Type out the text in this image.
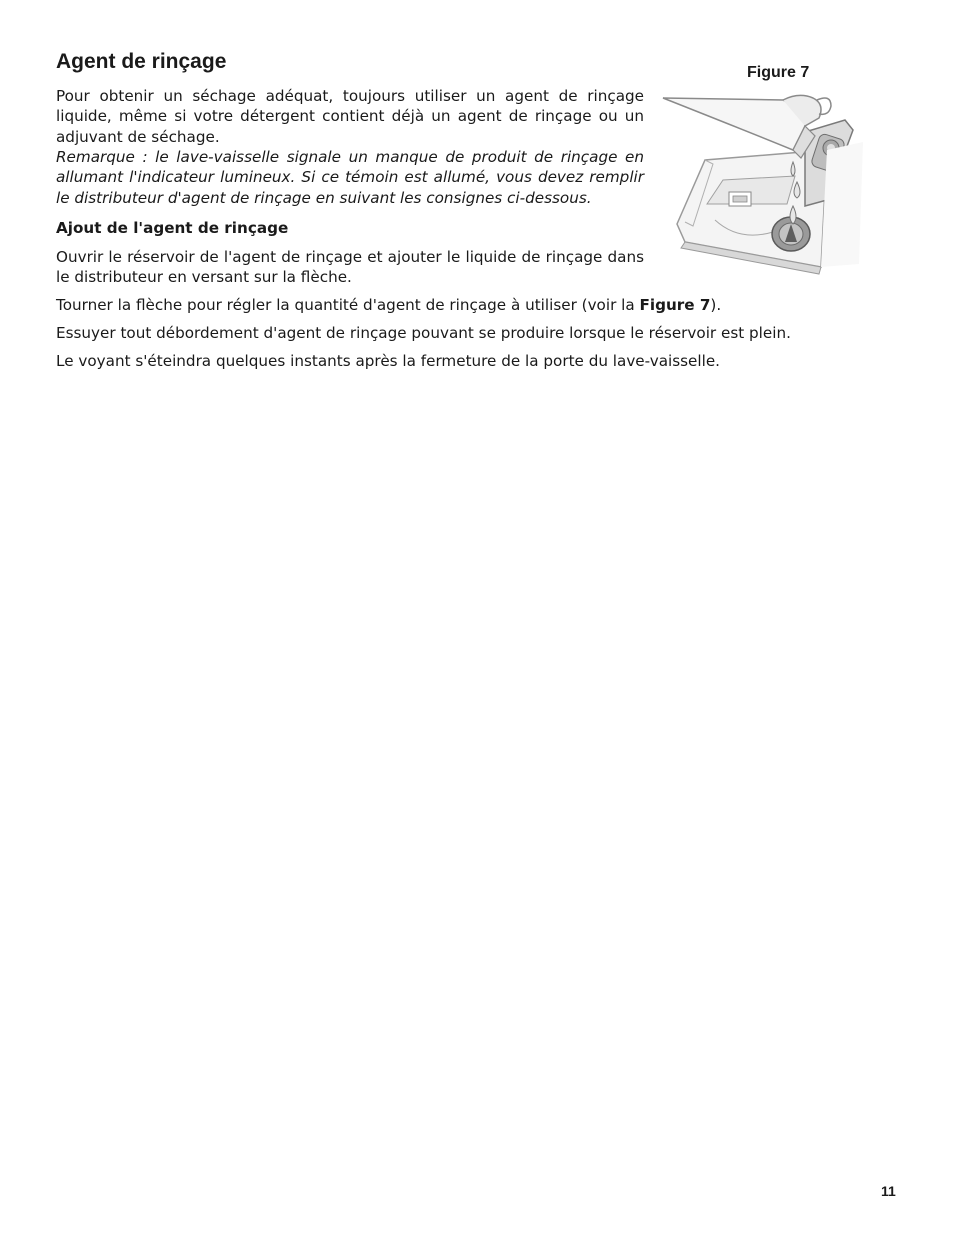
Agent de rinçage	Figure 7

Pour obtenir un séchage adéquat, toujours utiliser un agent de rinçage liquide, même si votre détergent contient déjà un agent de rinçage ou un adjuvant de séchage.

Remarque : le lave-vaisselle signale un manque de produit de rinçage en allumant l'indicateur lumineux. Si ce témoin est allumé, vous devez remplir le distributeur d'agent de rinçage en suivant les consignes ci-dessous.

Ajout de l'agent de rinçage

Ouvrir le réservoir de l'agent de rinçage et ajouter le liquide de rinçage dans le distributeur en versant sur la flèche.

Tourner la flèche pour régler la quantité d'agent de rinçage à utiliser (voir la Figure 7).

Essuyer tout débordement d'agent de rinçage pouvant se produire lorsque le réservoir est plein.

Le voyant s'éteindra quelques instants après la fermeture de la porte du lave-vaisselle.

11
